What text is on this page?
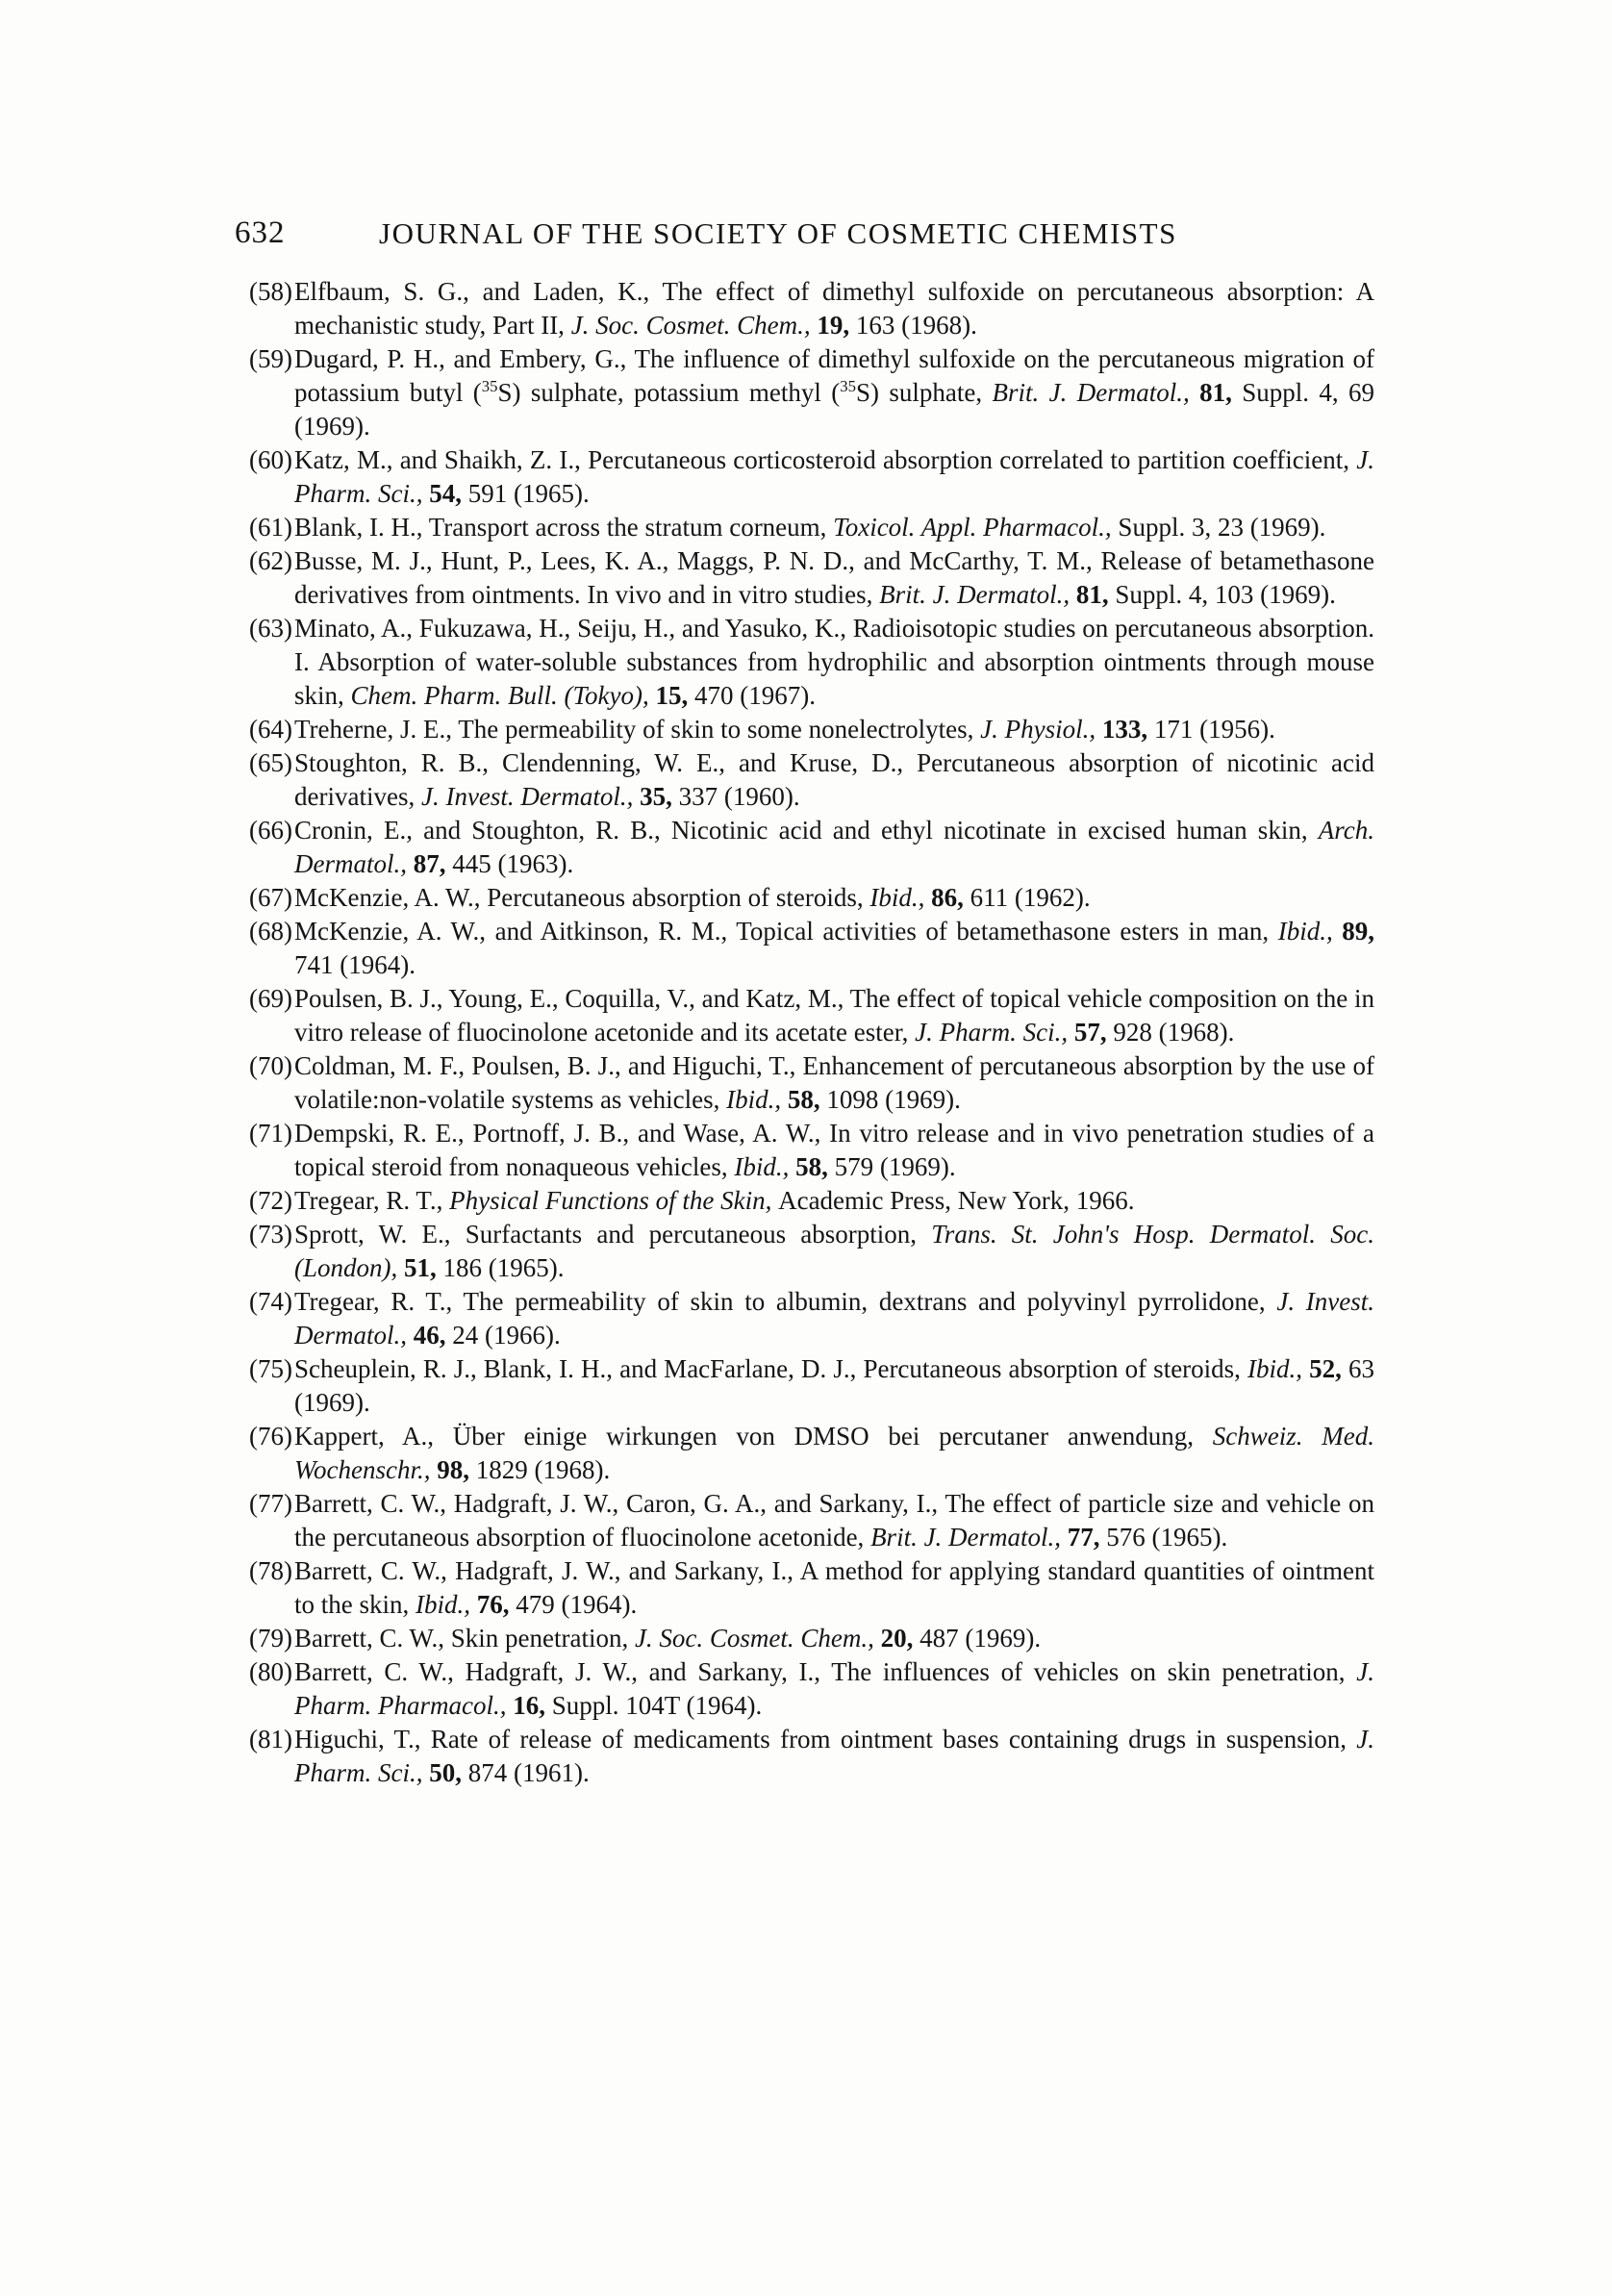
632	JOURNAL OF THE SOCIETY OF COSMETIC CHEMISTS
(58)Elfbaum, S. G., and Laden, K., The effect of dimethyl sulfoxide on percutaneous absorption: A mechanistic study, Part II, J. Soc. Cosmet. Chem., 19, 163 (1968).
(59)Dugard, P. H., and Embery, G., The influence of dimethyl sulfoxide on the percutaneous migration of potassium butyl ($^{35}$S) sulphate, potassium methyl ($^{35}$S) sulphate, Brit. J. Dermatol., 81, Suppl. 4, 69 (1969).
(60)Katz, M., and Shaikh, Z. I., Percutaneous corticosteroid absorption correlated to partition coefficient, J. Pharm. Sci., 54, 591 (1965).
(61)Blank, I. H., Transport across the stratum corneum, Toxicol. Appl. Pharmacol., Suppl. 3, 23 (1969).
(62)Busse, M. J., Hunt, P., Lees, K. A., Maggs, P. N. D., and McCarthy, T. M., Release of betamethasone derivatives from ointments. In vivo and in vitro studies, Brit. J. Dermatol., 81, Suppl. 4, 103 (1969).
(63)Minato, A., Fukuzawa, H., Seiju, H., and Yasuko, K., Radioisotopic studies on percutaneous absorption. I. Absorption of water-soluble substances from hydrophilic and absorption ointments through mouse skin, Chem. Pharm. Bull. (Tokyo), 15, 470 (1967).
(64)Treherne, J. E., The permeability of skin to some nonelectrolytes, J. Physiol., 133, 171 (1956).
(65)Stoughton, R. B., Clendenning, W. E., and Kruse, D., Percutaneous absorption of nicotinic acid derivatives, J. Invest. Dermatol., 35, 337 (1960).
(66)Cronin, E., and Stoughton, R. B., Nicotinic acid and ethyl nicotinate in excised human skin, Arch. Dermatol., 87, 445 (1963).
(67)McKenzie, A. W., Percutaneous absorption of steroids, Ibid., 86, 611 (1962).
(68)McKenzie, A. W., and Aitkinson, R. M., Topical activities of betamethasone esters in man, Ibid., 89, 741 (1964).
(69)Poulsen, B. J., Young, E., Coquilla, V., and Katz, M., The effect of topical vehicle composition on the in vitro release of fluocinolone acetonide and its acetate ester, J. Pharm. Sci., 57, 928 (1968).
(70)Coldman, M. F., Poulsen, B. J., and Higuchi, T., Enhancement of percutaneous absorption by the use of volatile:non-volatile systems as vehicles, Ibid., 58, 1098 (1969).
(71)Dempski, R. E., Portnoff, J. B., and Wase, A. W., In vitro release and in vivo penetration studies of a topical steroid from nonaqueous vehicles, Ibid., 58, 579 (1969).
(72)Tregear, R. T., Physical Functions of the Skin, Academic Press, New York, 1966.
(73)Sprott, W. E., Surfactants and percutaneous absorption, Trans. St. John's Hosp. Dermatol. Soc. (London), 51, 186 (1965).
(74)Tregear, R. T., The permeability of skin to albumin, dextrans and polyvinyl pyrrolidone, J. Invest. Dermatol., 46, 24 (1966).
(75)Scheuplein, R. J., Blank, I. H., and MacFarlane, D. J., Percutaneous absorption of steroids, Ibid., 52, 63 (1969).
(76)Kappert, A., Über einige wirkungen von DMSO bei percutaner anwendung, Schweiz. Med. Wochenschr., 98, 1829 (1968).
(77)Barrett, C. W., Hadgraft, J. W., Caron, G. A., and Sarkany, I., The effect of particle size and vehicle on the percutaneous absorption of fluocinolone acetonide, Brit. J. Dermatol., 77, 576 (1965).
(78)Barrett, C. W., Hadgraft, J. W., and Sarkany, I., A method for applying standard quantities of ointment to the skin, Ibid., 76, 479 (1964).
(79)Barrett, C. W., Skin penetration, J. Soc. Cosmet. Chem., 20, 487 (1969).
(80)Barrett, C. W., Hadgraft, J. W., and Sarkany, I., The influences of vehicles on skin penetration, J. Pharm. Pharmacol., 16, Suppl. 104T (1964).
(81)Higuchi, T., Rate of release of medicaments from ointment bases containing drugs in suspension, J. Pharm. Sci., 50, 874 (1961).
